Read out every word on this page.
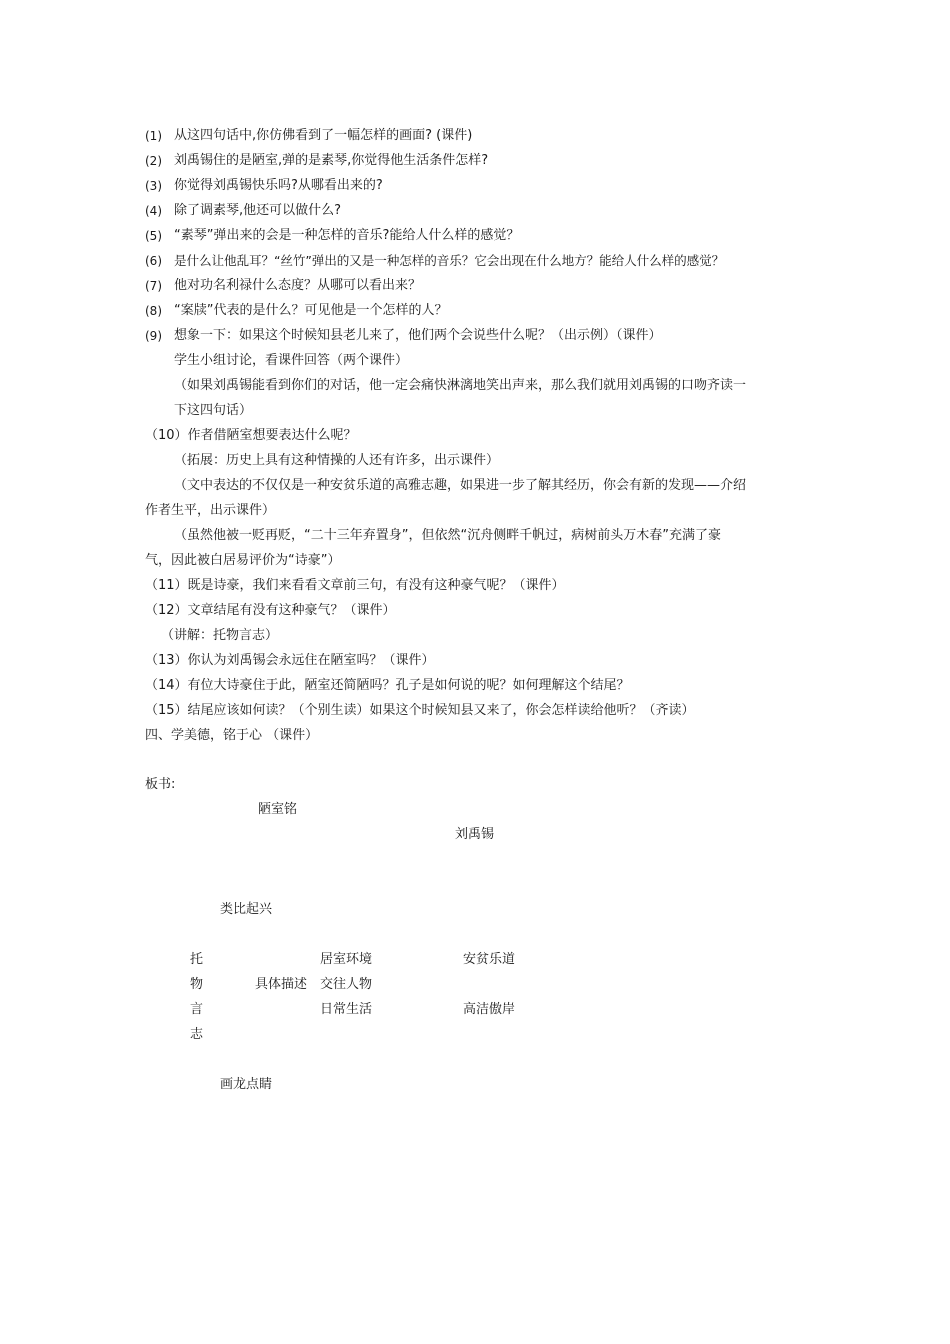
(1) 从这四句话中,你仿佛看到了一幅怎样的画面? (课件)
(2) 刘禹锡住的是陋室,弹的是素琴,你觉得他生活条件怎样?
(3) 你觉得刘禹锡快乐吗?从哪看出来的?
(4) 除了调素琴,他还可以做什么?
(5) “素琴”弹出来的会是一种怎样的音乐?能给人什么样的感觉？
(6) 是什么让他乱耳？“丝竹”弹出的又是一种怎样的音乐？它会出现在什么地方？能给人什么样的感觉？
(7) 他对功名利禄什么态度？从哪可以看出来？
(8) “案牍”代表的是什么？可见他是一个怎样的人？
(9) 想象一下：如果这个时候知县老儿来了，他们两个会说些什么呢？（出示例）（课件）
学生小组讨论，看课件回答（两个课件）
（如果刘禹锡能看到你们的对话，他一定会痛快淋漓地笑出声来，那么我们就用刘禹锡的口吻齐读一
下这四句话）
（10）作者借陋室想要表达什么呢？
（拓展：历史上具有这种情操的人还有许多，出示课件）
（文中表达的不仅仅是一种安贫乐道的高雅志趣，如果进一步了解其经历，你会有新的发现——介绍
作者生平，出示课件）
（虽然他被一贬再贬，“二十三年弃置身”，但依然“沉舟侧畔千帆过，病树前头万木春”充满了豪
气，因此被白居易评价为“诗豪”）
（11）既是诗豪，我们来看看文章前三句，有没有这种豪气呢？（课件）
（12）文章结尾有没有这种豪气？（课件）
（讲解：托物言志）
（13）你认为刘禹锡会永远住在陋室吗？（课件）
（14）有位大诗豪住于此，陋室还简陋吗？孔子是如何说的呢？如何理解这个结尾？
（15）结尾应该如何读？（个别生读）如果这个时候知县又来了，你会怎样读给他听？（齐读）
四、学美德，铭于心 （课件）
板书:
陋室铭
刘禹锡
类比起兴
托
物
言
志
具体描述
居室环境
交往人物
日常生活
安贫乐道
高洁傲岸
画龙点睛
